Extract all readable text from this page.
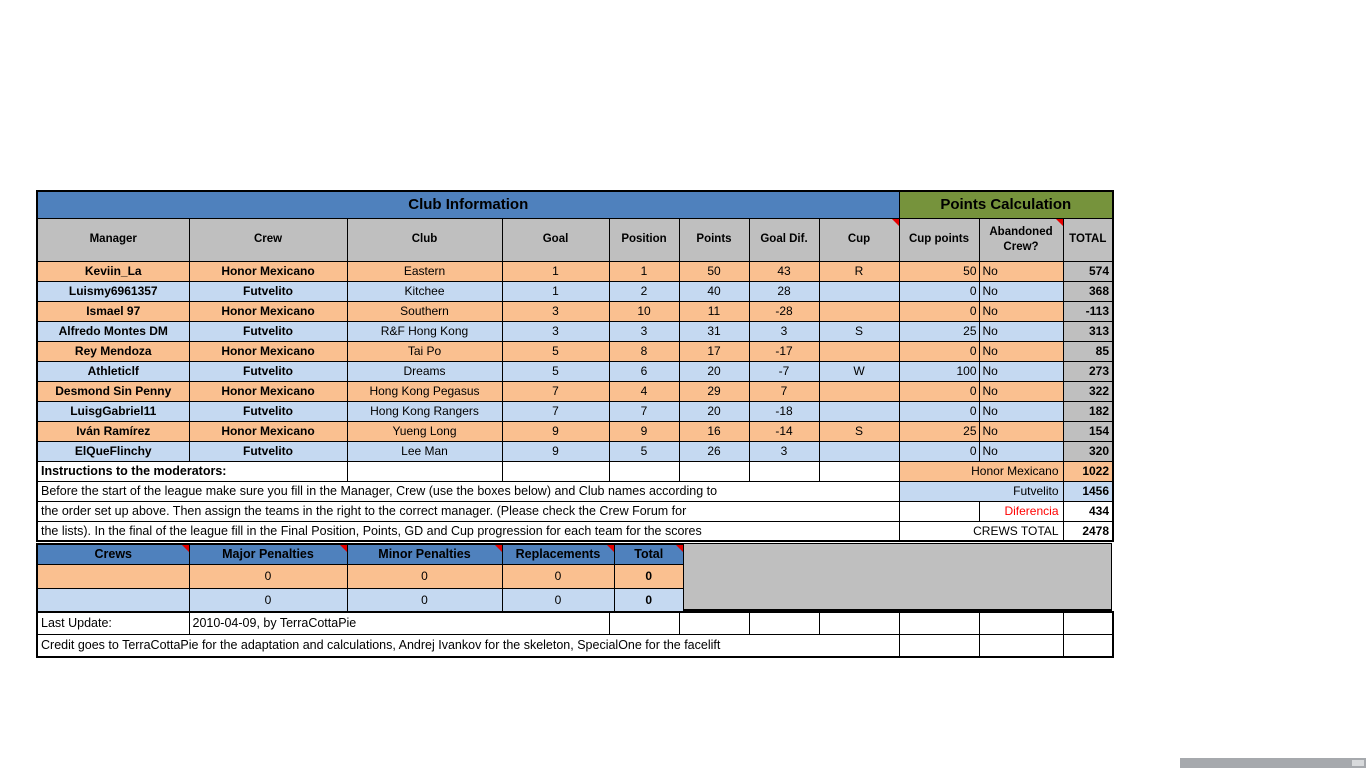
Club Information								Points Calculation		
Manager	Crew	Club	Goal	Position	Points	Goal Dif.	Cup	Cup points	Abandoned Crew?	TOTAL
Keviin_La	Honor Mexicano	Eastern	1	1	50	43	R	50	No	574
Luismy6961357	Futvelito	Kitchee	1	2	40	28		0	No	368
Ismael 97	Honor Mexicano	Southern	3	10	11	-28		0	No	-113
Alfredo Montes DM	Futvelito	R&F Hong Kong	3	3	31	3	S	25	No	313
Rey Mendoza	Honor Mexicano	Tai Po	5	8	17	-17		0	No	85
Athleticlf	Futvelito	Dreams	5	6	20	-7	W	100	No	273
Desmond Sin Penny	Honor Mexicano	Hong Kong Pegasus	7	4	29	7		0	No	322
LuisgGabriel11	Futvelito	Hong Kong Rangers	7	7	20	-18		0	No	182
Iván Ramírez	Honor Mexicano	Yueng Long	9	9	16	-14	S	25	No	154
ElQueFlinchy	Futvelito	Lee Man	9	5	26	3		0	No	320
Instructions to the moderators:								Honor Mexicano		1022
Before the start of the league make sure you fill in the Manager, Crew (use the boxes below) and Club names according to								Futvelito		1456
the order set up above. Then assign the teams in the right to the correct manager. (Please check the Crew Forum for									Diferencia	434
the lists). In the final of the league fill in the Final Position, Points, GD and Cup progression for each team for the scores								CREWS TOTAL		2478
Crews	Major Penalties	Minor Penalties	Replacements	Total

	0	0	0	0
	0	0	0	0
Last Update:	2010-04-09, by TerraCottaPie							
Credit goes to TerraCottaPie for the adaptation and calculations, Andrej Ivankov for the skeleton, SpecialOne for the facelift								
